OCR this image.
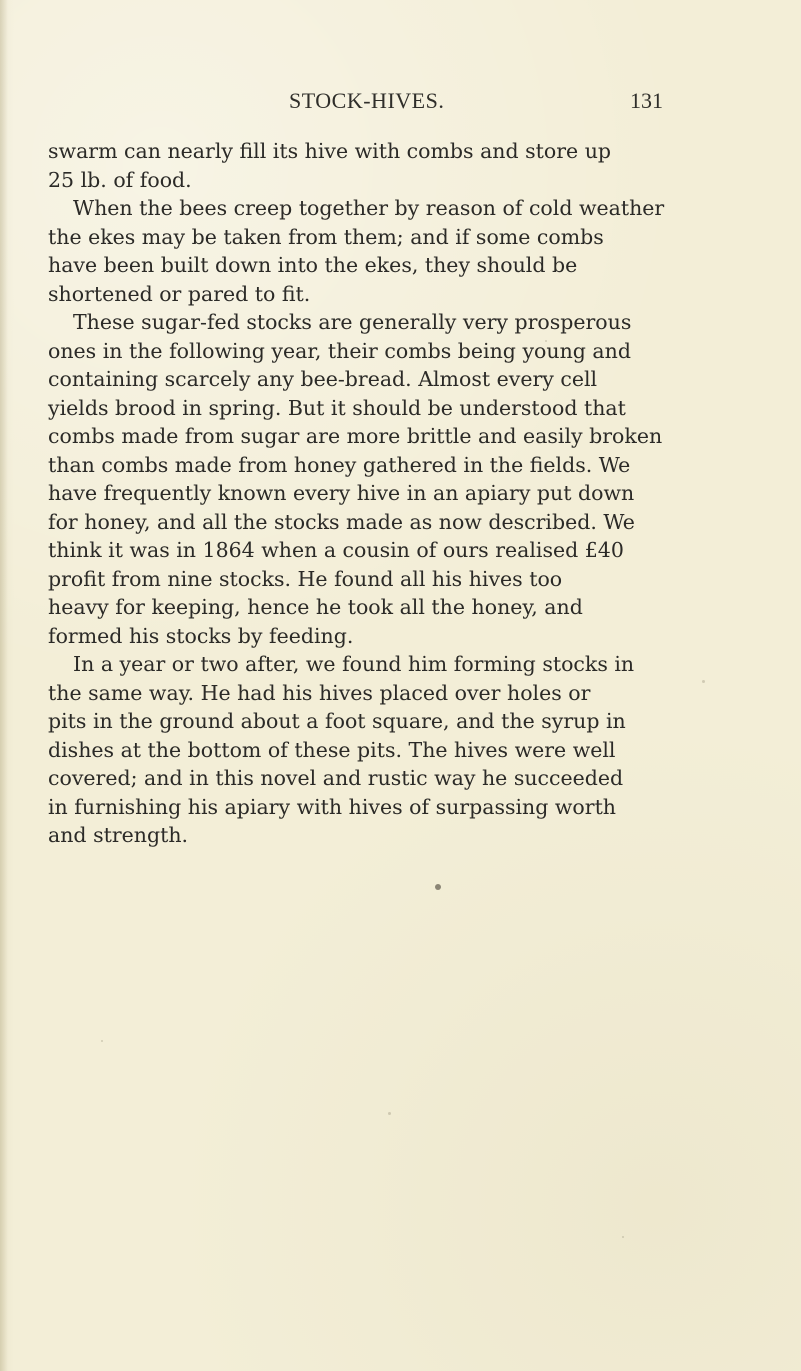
STOCK-HIVES.	131
swarm can nearly fill its hive with combs and store up
25 lb. of food.
When the bees creep together by reason of cold weather
the ekes may be taken from them; and if some combs
have been built down into the ekes, they should be
shortened or pared to fit.
These sugar-fed stocks are generally very prosperous
ones in the following year, their combs being young and
containing scarcely any bee-bread. Almost every cell
yields brood in spring. But it should be understood that
combs made from sugar are more brittle and easily broken
than combs made from honey gathered in the fields. We
have frequently known every hive in an apiary put down
for honey, and all the stocks made as now described. We
think it was in 1864 when a cousin of ours realised £40
profit from nine stocks. He found all his hives too
heavy for keeping, hence he took all the honey, and
formed his stocks by feeding.
In a year or two after, we found him forming stocks in
the same way. He had his hives placed over holes or
pits in the ground about a foot square, and the syrup in
dishes at the bottom of these pits. The hives were well
covered; and in this novel and rustic way he succeeded
in furnishing his apiary with hives of surpassing worth
and strength.
